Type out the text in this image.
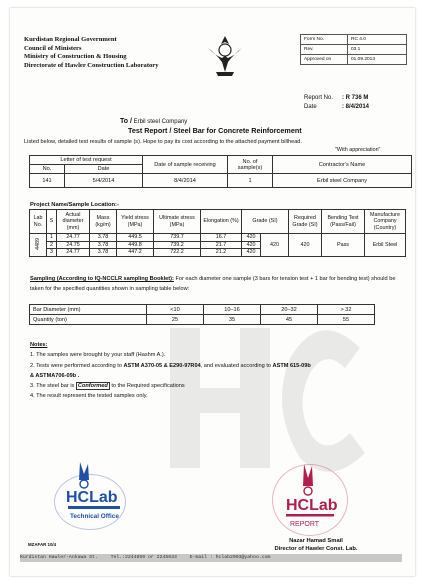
Kurdistan Regional Government
Council of Ministers
Ministry of Construction & Housing
Directorate of Hawler Construction Laboratory
Form No.	RC 4.0
Rev.	03.1
Approved on	01.09.2013
Report No. : R 736 M
Date	: 8/4/2014
To / Erbil steel Company
Test Report / Steel Bar for Concrete Reinforcement
Listed below, detailed test results of sample (s). Hope to pay its cost according to the attached payment billhead.
"With appreciation"
Letter of test request		Date of sample receiving	No. of sample(s)	Contractor's Name
No.	Date			
141	5/4/2014	8/4/2014	1	Erbil steel Company
Project Name/Sample Location:-
Lab No.	S	Actual diameter (mm)	Mass (kg/m)	Yield stress (MPa)	Ultimate stress (MPa)	Elongation (%)	Grade (SI)		Required Grade (SI)	Bending Test (Pass/Fail)	Manufacture Company (Country)
4489	1	24.77	3.78	449.5	739.7	16.7	420	420	420	Pass	Erbil Steel
	2	24.75	3.78	449.8	739.2	21.7	420				
	3	24.77	3.78	447.2	722.2	21.2	420				
Sampling (According to IQ-NCCLR sampling Booklet): For each diameter one sample (3 bars for tension test + 1 bar for bending test) should be taken for the specified quantities shown in sampling table below:
Bar Diameter (mm)	<10	10–16	20–32	> 32
Quantity (ton)	25	35	45	55
Notes:
1. The samples were brought by your staff (Hashm A.).
2. Tests were performed according to ASTM A370-05 & E290-97R04, and evaluated according to ASTM 615-09b
& ASTMA706-09b .
3. The steel bar is Conformed to the Required specifications
4. The result represent the tested samples only.
HCLab
Technical Office
HCLab
REPORT
Nazar Hamad Smail
Director of Hawler Const. Lab.
MZAFAR 10/4
Kurdistan Hawler-Ankawa St.	Tel.:2244859 or 2245633	E-mail : hclab2003@yahoo.com
